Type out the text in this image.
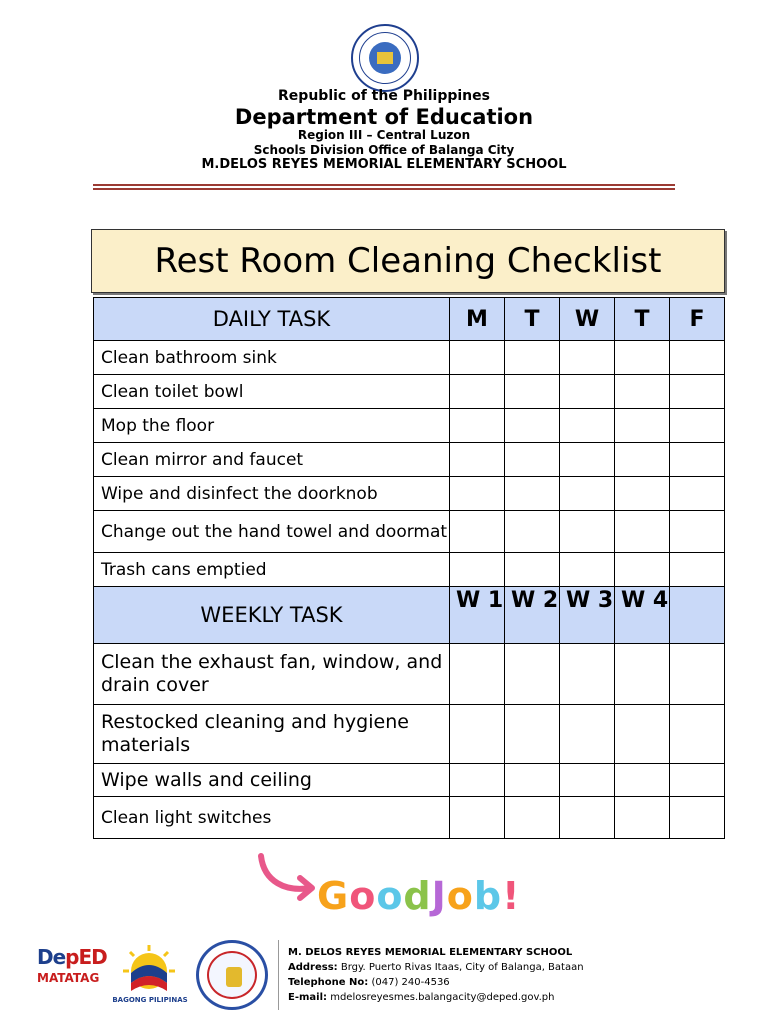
Republic of the Philippines
Department of Education
Region III – Central Luzon
Schools Division Office of Balanga City
M.DELOS REYES MEMORIAL ELEMENTARY SCHOOL
Rest Room Cleaning Checklist
DAILY TASK	M	T	W	T	F
Clean bathroom sink					
Clean toilet bowl					
Mop the floor					
Clean mirror and faucet					
Wipe and disinfect the doorknob					
Change out the hand towel and doormat					
Trash cans emptied					
WEEKLY TASK	W 1	W 2	W 3	W 4	
Clean the exhaust fan, window, and drain cover					
Restocked cleaning and hygiene materials					
Wipe walls and ceiling					
Clean light switches					
GoodJob!
DepED
MATATAG
BAGONG PILIPINAS
M. DELOS REYES MEMORIAL ELEMENTARY SCHOOL
Address: Brgy. Puerto Rivas Itaas, City of Balanga, Bataan
Telephone No: (047) 240-4536
E-mail: mdelosreyesmes.balangacity@deped.gov.ph
